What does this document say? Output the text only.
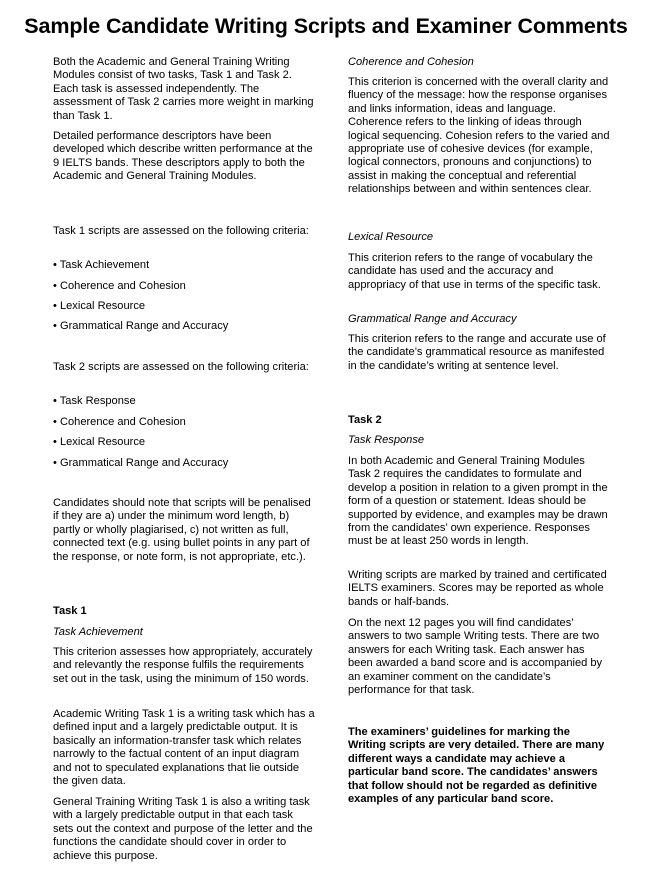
Sample Candidate Writing Scripts and Examiner Comments

Both the Academic and General Training Writing Modules consist of two tasks, Task 1 and Task 2. Each task is assessed independently. The assessment of Task 2 carries more weight in marking than Task 1.

Detailed performance descriptors have been developed which describe written performance at the 9 IELTS bands. These descriptors apply to both the Academic and General Training Modules.

Task 1 scripts are assessed on the following criteria:

• Task Achievement

• Coherence and Cohesion

• Lexical Resource

• Grammatical Range and Accuracy

Task 2 scripts are assessed on the following criteria:

• Task Response

• Coherence and Cohesion

• Lexical Resource

• Grammatical Range and Accuracy

Candidates should note that scripts will be penalised if they are a) under the minimum word length, b) partly or wholly plagiarised, c) not written as full, connected text (e.g. using bullet points in any part of the response, or note form, is not appropriate, etc.).

Task 1

Task Achievement

This criterion assesses how appropriately, accurately and relevantly the response fulfils the requirements set out in the task, using the minimum of 150 words.

Academic Writing Task 1 is a writing task which has a defined input and a largely predictable output. It is basically an information-transfer task which relates narrowly to the factual content of an input diagram and not to speculated explanations that lie outside the given data.

General Training Writing Task 1 is also a writing task with a largely predictable output in that each task sets out the context and purpose of the letter and the functions the candidate should cover in order to achieve this purpose.

Coherence and Cohesion

This criterion is concerned with the overall clarity and fluency of the message: how the response organises and links information, ideas and language. Coherence refers to the linking of ideas through logical sequencing. Cohesion refers to the varied and appropriate use of cohesive devices (for example, logical connectors, pronouns and conjunctions) to assist in making the conceptual and referential relationships between and within sentences clear.

Lexical Resource

This criterion refers to the range of vocabulary the candidate has used and the accuracy and appropriacy of that use in terms of the specific task.

Grammatical Range and Accuracy

This criterion refers to the range and accurate use of the candidate’s grammatical resource as manifested in the candidate’s writing at sentence level.

Task 2

Task Response

In both Academic and General Training Modules Task 2 requires the candidates to formulate and develop a position in relation to a given prompt in the form of a question or statement. Ideas should be supported by evidence, and examples may be drawn from the candidates’ own experience. Responses must be at least 250 words in length.

Writing scripts are marked by trained and certificated IELTS examiners. Scores may be reported as whole bands or half-bands.

On the next 12 pages you will find candidates’ answers to two sample Writing tests. There are two answers for each Writing task. Each answer has been awarded a band score and is accompanied by an examiner comment on the candidate’s performance for that task.

The examiners’ guidelines for marking the Writing scripts are very detailed. There are many different ways a candidate may achieve a particular band score. The candidates’ answers that follow should not be regarded as definitive examples of any particular band score.
